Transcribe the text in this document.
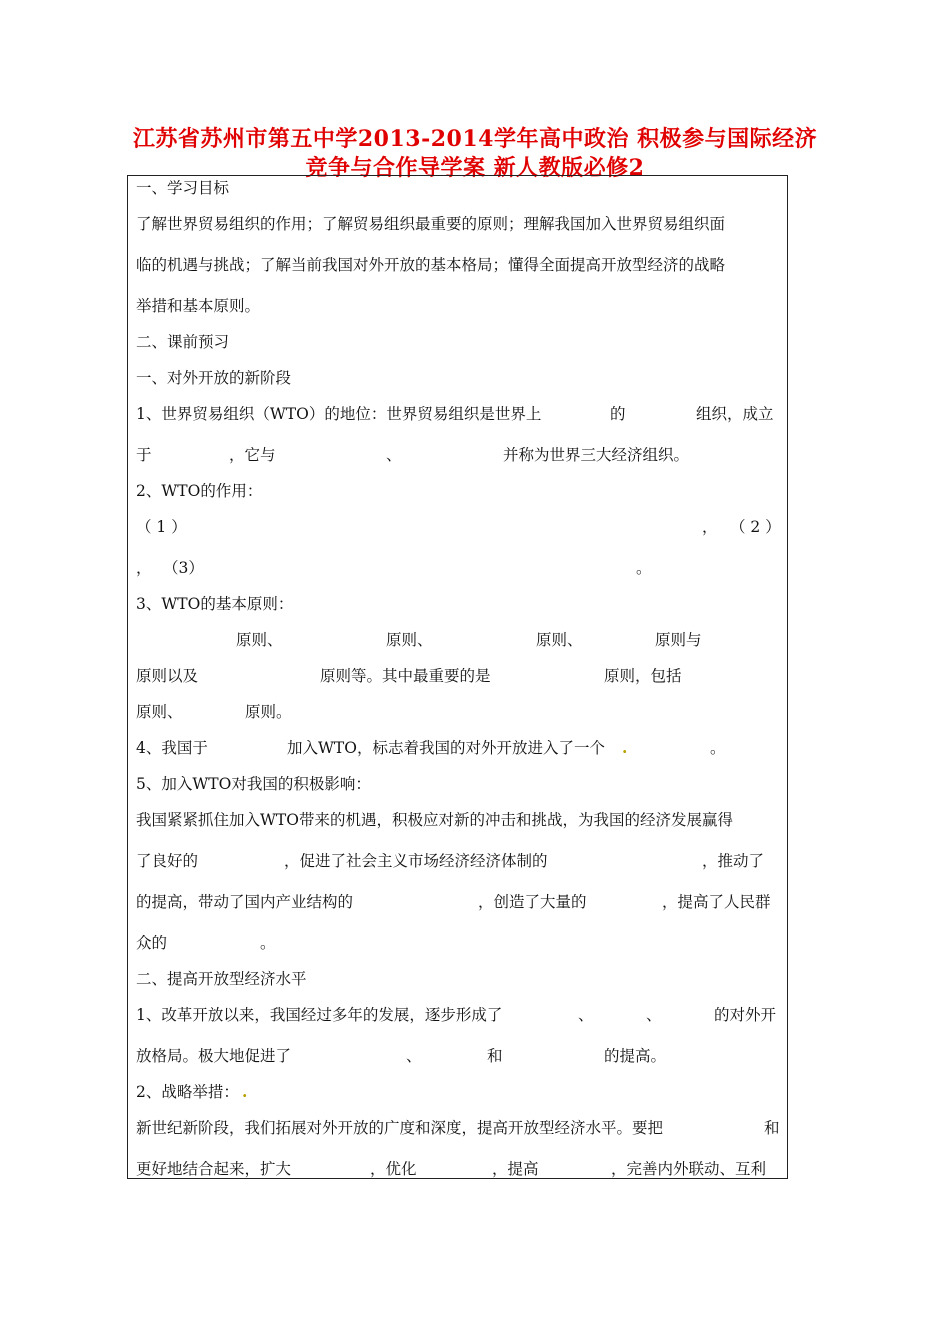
江苏省苏州市第五中学2013-2014学年高中政治 积极参与国际经济
竞争与合作导学案 新人教版必修2
一、学习目标
了解世界贸易组织的作用；了解贸易组织最重要的原则；理解我国加入世界贸易组织面
临的机遇与挑战；了解当前我国对外开放的基本格局；懂得全面提高开放型经济的战略
举措和基本原则。
二、课前预习
一、对外开放的新阶段
1、世界贸易组织（WTO）的地位：世界贸易组织是世界上	的	组织，成立
于	，它与	、	并称为世界三大经济组织。
2、WTO的作用：
（ 1 ）	， （ 2 ）
， （3）	。
3、WTO的基本原则：
原则、	原则、	原则、	原则与
原则以及	原则等。其中最重要的是	原则，包括
原则、	原则。
4、我国于	加入WTO，标志着我国的对外开放进入了一个 .	。
5、加入WTO对我国的积极影响：
我国紧紧抓住加入WTO带来的机遇，积极应对新的冲击和挑战，为我国的经济发展赢得
了良好的	，促进了社会主义市场经济经济体制的	，推动了
的提高，带动了国内产业结构的	，创造了大量的	，提高了人民群
众的	。
二、提高开放型经济水平
1、改革开放以来，我国经过多年的发展，逐步形成了	、	、	的对外开
放格局。极大地促进了	、	和	的提高。
2、战略举措： .
新世纪新阶段，我们拓展对外开放的广度和深度，提高开放型经济水平。要把	和
更好地结合起来，扩大	，优化	，提高	，完善内外联动、互利
